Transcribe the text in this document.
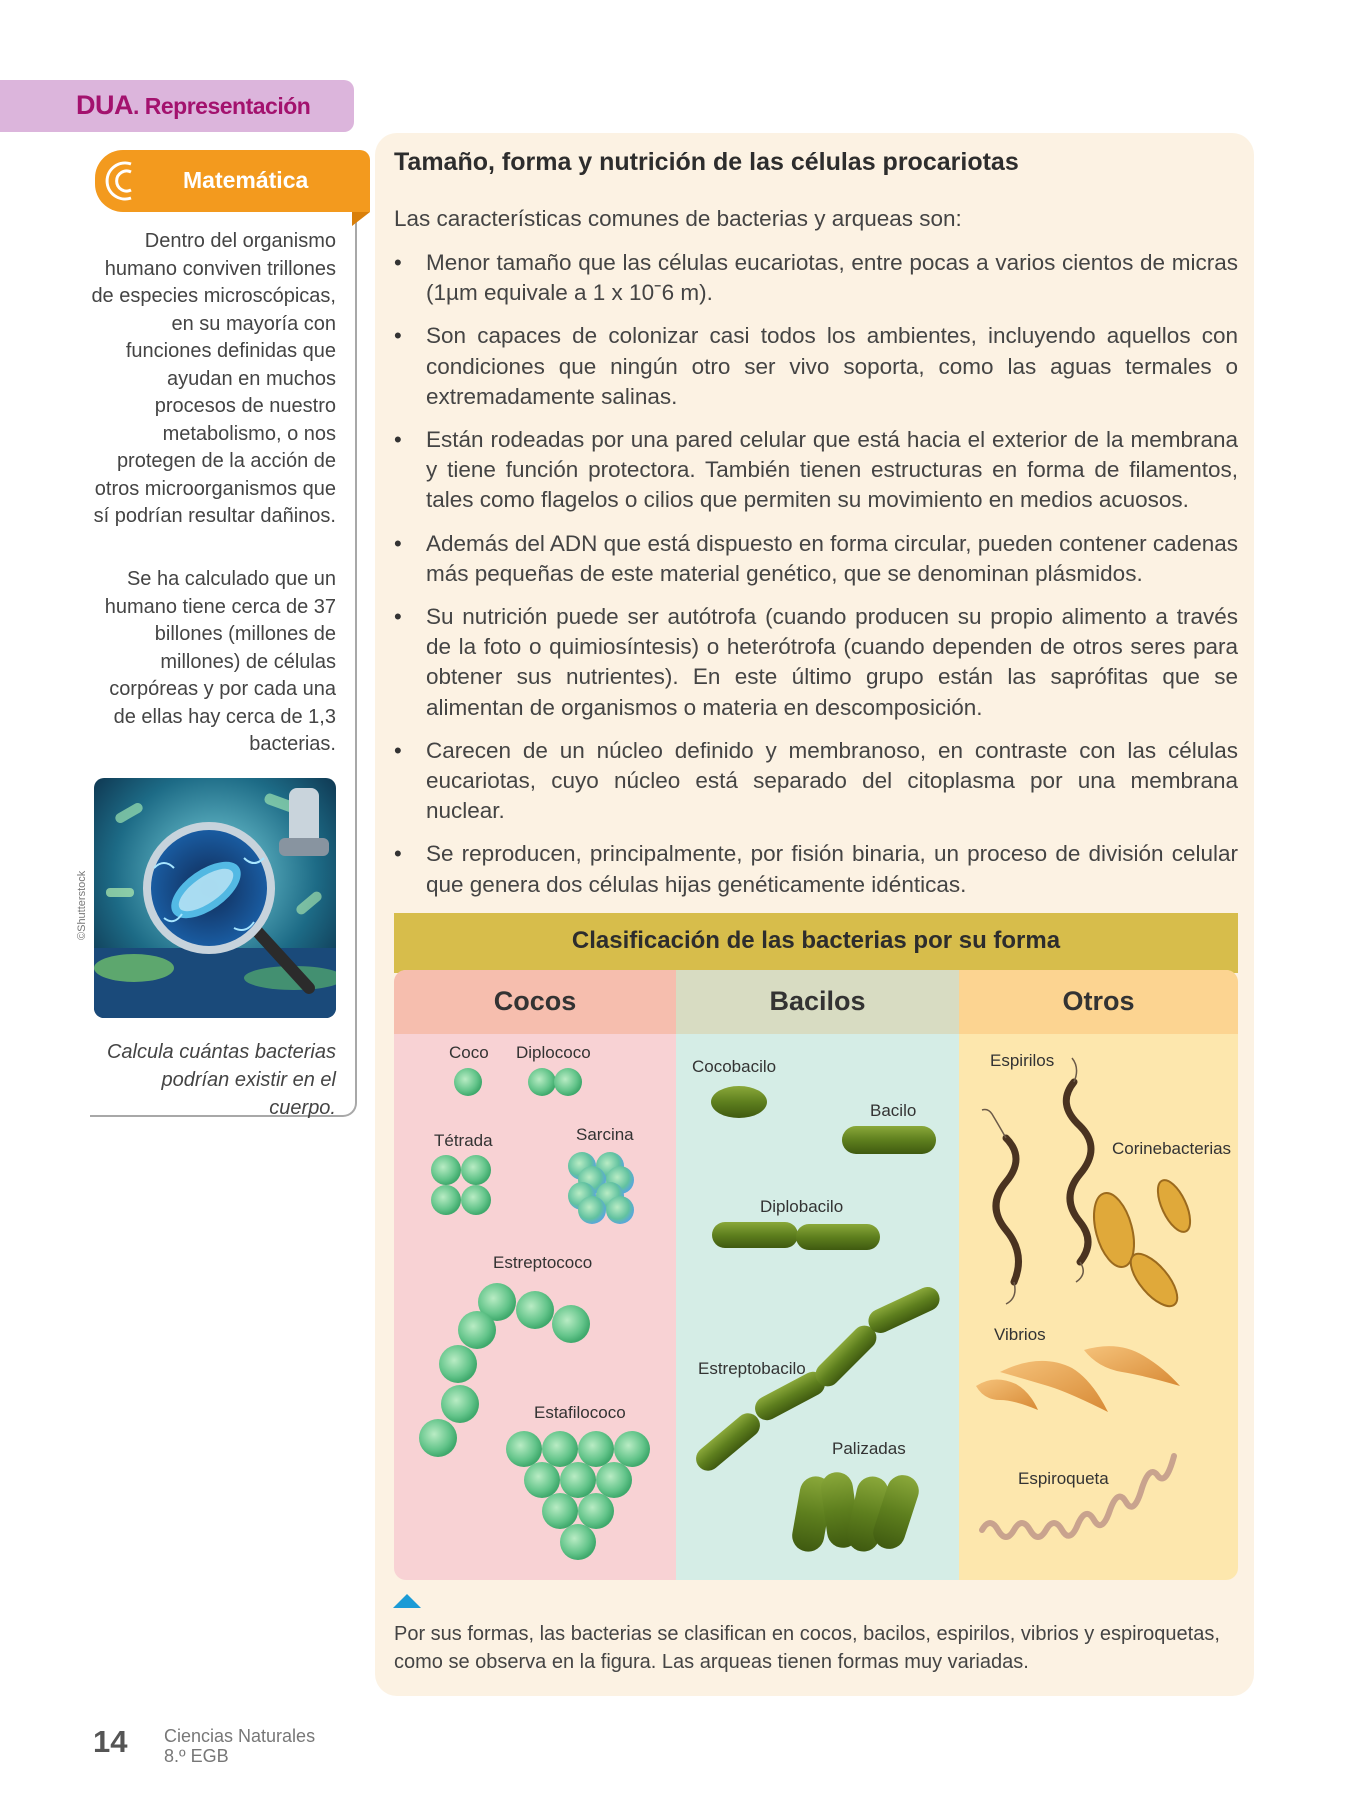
DUA. Representación
Matemática
Dentro del organismo humano conviven trillones de especies microscópicas, en su mayoría con funciones definidas que ayudan en muchos procesos de nuestro metabolismo, o nos protegen de la acción de otros microorganismos que sí podrían resultar dañinos.
Se ha calculado que un humano tiene cerca de 37 billones (millones de millones) de células corpóreas y por cada una de ellas hay cerca de 1,3 bacterias.
©Shutterstock
Calcula cuántas bacterias podrían existir en el cuerpo.
Tamaño, forma y nutrición de las células procariotas
Las características comunes de bacterias y arqueas son:
• Menor tamaño que las células eucariotas, entre pocas a varios cientos de micras (1µm equivale a 1 x 10ˉ6 m).
• Son capaces de colonizar casi todos los ambientes, incluyendo aquellos con condiciones que ningún otro ser vivo soporta, como las aguas termales o extremadamente salinas.
• Están rodeadas por una pared celular que está hacia el exterior de la membrana y tiene función protectora. También tienen estructuras en forma de filamentos, tales como flagelos o cilios que permiten su movimiento en medios acuosos.
• Además del ADN que está dispuesto en forma circular, pueden contener cadenas más pequeñas de este material genético, que se denominan plásmidos.
• Su nutrición puede ser autótrofa (cuando producen su propio alimento a través de la foto o quimiosíntesis) o heterótrofa (cuando dependen de otros seres para obtener sus nutrientes). En este último grupo están las saprófitas que se alimentan de organismos o materia en descomposición.
• Carecen de un núcleo definido y membranoso, en contraste con las células eucariotas, cuyo núcleo está separado del citoplasma por una membrana nuclear.
• Se reproducen, principalmente, por fisión binaria, un proceso de división celular que genera dos células hijas genéticamente idénticas.
Clasificación de las bacterias por su forma
Cocos	Bacilos	Otros
Coco Diplococo
Tétrada	Sarcina
Estreptococo
Estafilococo
Cocobacilo
Bacilo
Diplobacilo
Estreptobacilo
Palizadas
Espirilos
Corinebacterias
Vibrios
Espiroqueta
Por sus formas, las bacterias se clasifican en cocos, bacilos, espirilos, vibrios y espiroquetas, como se observa en la figura. Las arqueas tienen formas muy variadas.
14 Ciencias Naturales
8.º EGB
